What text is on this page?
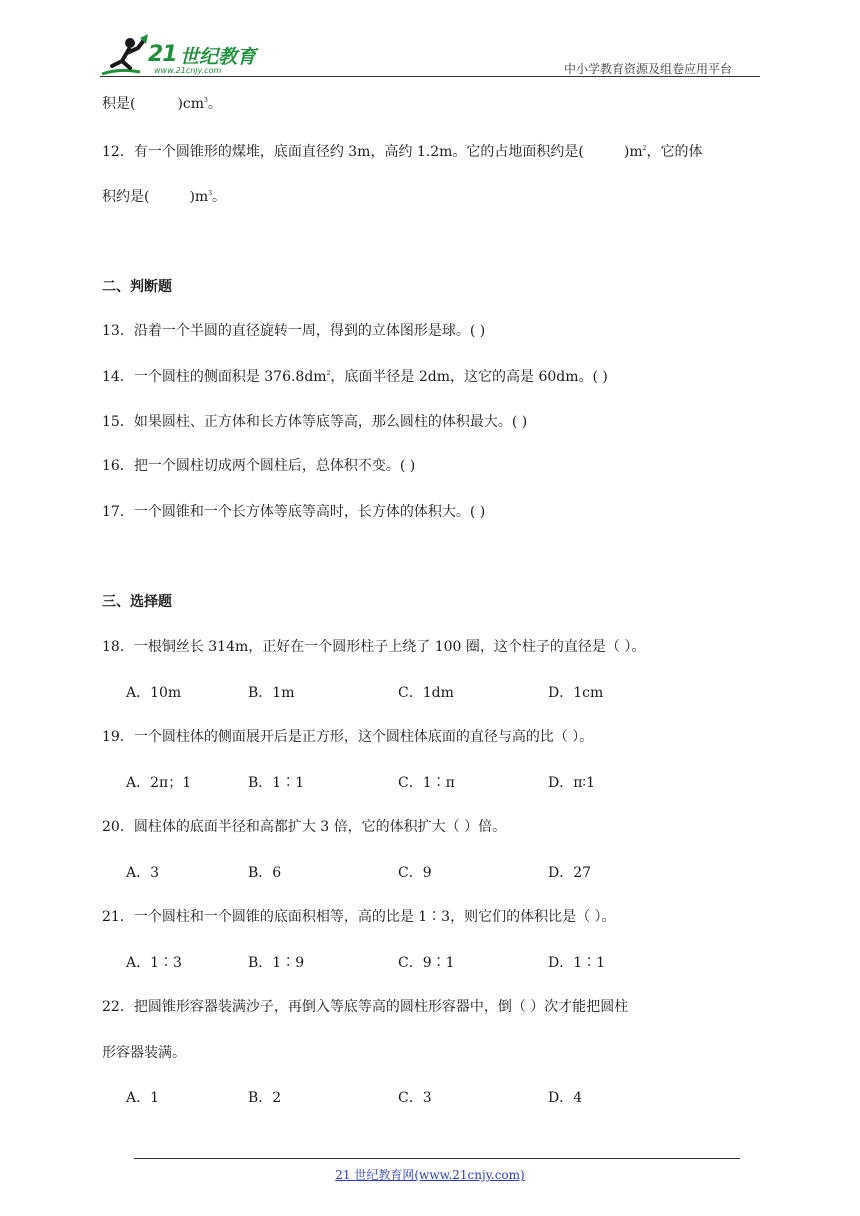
21 世纪教育
www.21cnjy.com	中小学教育资源及组卷应用平台
积是(	)$cm^3$。
12．有一个圆锥形的煤堆，底面直径约 3m，高约 1.2m。它的占地面积约是(	)$m^2$，它的体
积约是(	)$m^3$。
二、判断题
13．沿着一个半圆的直径旋转一周，得到的立体图形是球。( )
14．一个圆柱的侧面积是 $376.8dm^2$，底面半径是 2dm，这它的高是 60dm。( )
15．如果圆柱、正方体和长方体等底等高，那么圆柱的体积最大。( )
16．把一个圆柱切成两个圆柱后，总体积不变。( )
17．一个圆锥和一个长方体等底等高时，长方体的体积大。( )
三、选择题
18．一根铜丝长 314m，正好在一个圆形柱子上绕了 100 圈，这个柱子的直径是（ ）。
A．10m	B．1m	C．1dm	D．1cm
19．一个圆柱体的侧面展开后是正方形，这个圆柱体底面的直径与高的比（ ）。
A．2π；1	B．1∶1	C．1∶π	D．π∶1
20．圆柱体的底面半径和高都扩大 3 倍，它的体积扩大（ ）倍。
A．3	B．6	C．9	D．27
21．一个圆柱和一个圆锥的底面积相等，高的比是 1∶3，则它们的体积比是（ ）。
A．1∶3	B．1∶9	C．9∶1	D．1∶1
22．把圆锥形容器装满沙子，再倒入等底等高的圆柱形容器中，倒（ ）次才能把圆柱
形容器装满。
A．1	B．2	C．3	D．4
21 世纪教育网(www.21cnjy.com)
